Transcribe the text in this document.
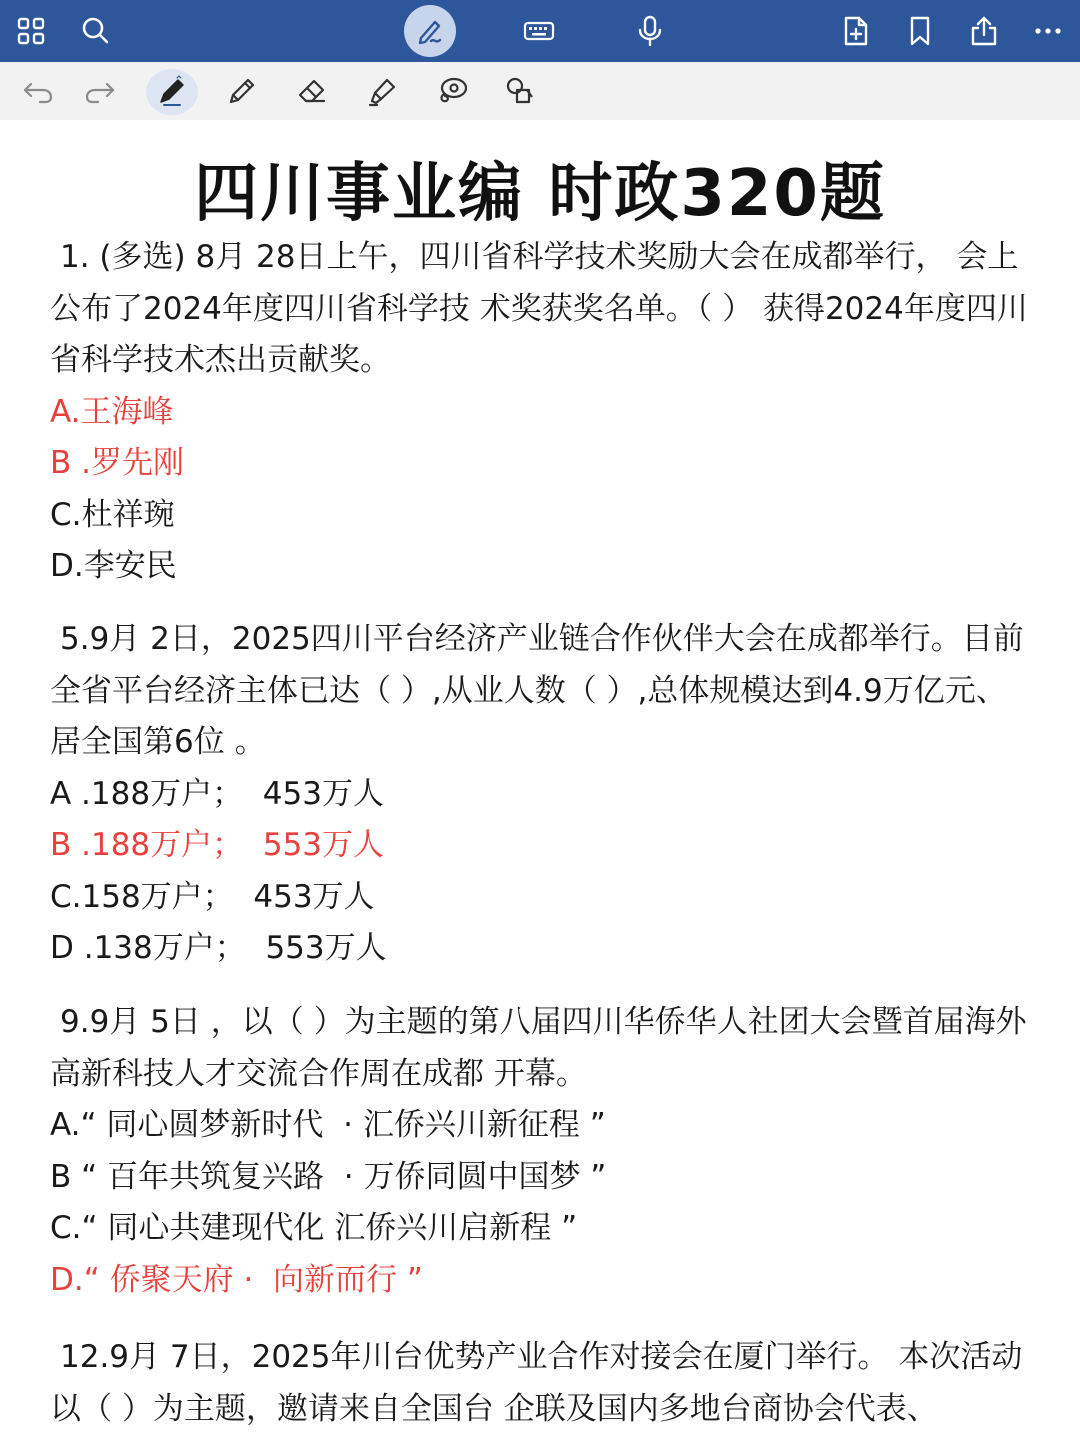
四川事业编 时政320题
1. (多选) 8月 28日上午，四川省科学技术奖励大会在成都举行， 会上公布了2024年度四川省科学技 术奖获奖名单。（ ） 获得2024年度四川省科学技术杰出贡献奖。
A.王海峰
B .罗先刚
C.杜祥琬
D.李安民
5.9月 2日，2025四川平台经济产业链合作伙伴大会在成都举行。目前全省平台经济主体已达（ ）,从业人数（ ）,总体规模达到4.9万亿元、 居全国第6位 。
A .188万户；  453万人
B .188万户；  553万人
C.158万户；  453万人
D .138万户；  553万人
9.9月 5日 ，以（ ）为主题的第八届四川华侨华人社团大会暨首届海外高新科技人才交流合作周在成都 开幕。
A.“ 同心圆梦新时代  · 汇侨兴川新征程 ”
B “ 百年共筑复兴路  · 万侨同圆中国梦 ”
C.“ 同心共建现代化 汇侨兴川启新程 ”
D.“ 侨聚天府 ·  向新而行 ”
12.9月 7日，2025年川台优势产业合作对接会在厦门举行。 本次活动以（ ）为主题，邀请来自全国台 企联及国内多地台商协会代表、
